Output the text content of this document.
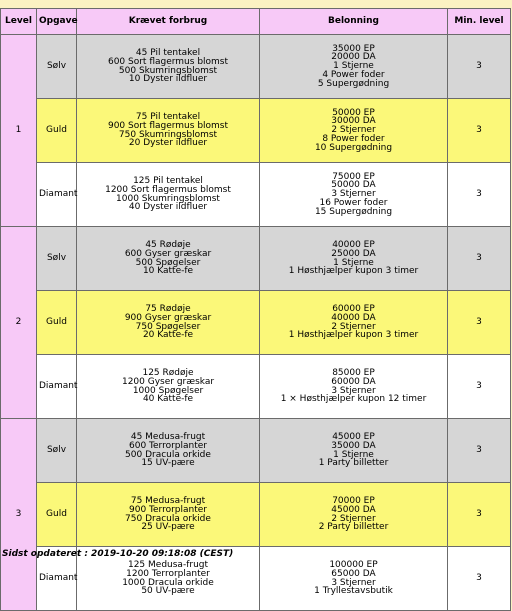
Level	Opgave	Krævet forbrug	Belonning	Min. level
1	Sølv	45 Pil tentakel
600 Sort flagermus blomst
500 Skumringsblomst
10 Dyster ildfluer	35000 EP
20000 DA
1 Stjerne
4 Power foder
5 Supergødning	3
	Guld	75 Pil tentakel
900 Sort flagermus blomst
750 Skumringsblomst
20 Dyster ildfluer	50000 EP
30000 DA
2 Stjerner
8 Power foder
10 Supergødning	3
	Diamant	125 Pil tentakel
1200 Sort flagermus blomst
1000 Skumringsblomst
40 Dyster ildfluer	75000 EP
50000 DA
3 Stjerner
16 Power foder
15 Supergødning	3
2	Sølv	45 Rødøje
600 Gyser græskar
500 Spøgelser
10 Katte-fe	40000 EP
25000 DA
1 Stjerne
1 Høsthjælper kupon 3 timer	3
	Guld	75 Rødøje
900 Gyser græskar
750 Spøgelser
20 Katte-fe	60000 EP
40000 DA
2 Stjerner
1 Høsthjælper kupon 3 timer	3
	Diamant	125 Rødøje
1200 Gyser græskar
1000 Spøgelser
40 Katte-fe	85000 EP
60000 DA
3 Stjerner
1 × Høsthjælper kupon 12 timer	3
3	Sølv	45 Medusa-frugt
600 Terrorplanter
500 Dracula orkide
15 UV-pære	45000 EP
35000 DA
1 Stjerne
1 Party billetter	3
	Guld	75 Medusa-frugt
900 Terrorplanter
750 Dracula orkide
25 UV-pære	70000 EP
45000 DA
2 Stjerner
2 Party billetter	3
	Diamant	125 Medusa-frugt
1200 Terrorplanter
1000 Dracula orkide
50 UV-pære	100000 EP
65000 DA
3 Stjerner
1 Tryllestavsbutik	3
Sidst opdateret : 2019-10-20 09:18:08 (CEST)
